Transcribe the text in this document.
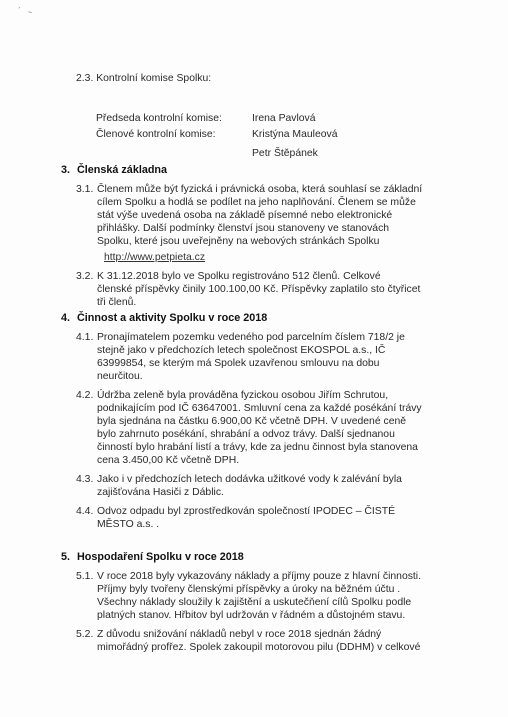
´ ·̵
2.3. Kontrolní komise Spolku:
Předseda kontrolní komise:	Irena Pavlová
Členové kontrolní komise:	Kristýna Mauleová
Petr Štěpánek
3. Členská základna
3.1. Členem může být fyzická i právnická osoba, která souhlasí se základní
cílem Spolku a hodlá se podílet na jeho naplňování. Členem se může
stát výše uvedená osoba na základě písemné nebo elektronické
přihlášky. Další podmínky členství jsou stanoveny ve stanovách
Spolku, které jsou uveřejněny na webových stránkách Spolku
http://www.petpieta.cz
3.2. K 31.12.2018 bylo ve Spolku registrováno 512 členů. Celkové
členské příspěvky činily 100.100,00 Kč. Příspěvky zaplatilo sto čtyřicet
tři členů.
4. Činnost a aktivity Spolku v roce 2018
4.1. Pronajímatelem pozemku vedeného pod parcelním číslem 718/2 je
stejně jako v předchozích letech společnost EKOSPOL a.s., IČ
63999854, se kterým má Spolek uzavřenou smlouvu na dobu
neurčitou.
4.2. Údržba zeleně byla prováděna fyzickou osobou Jiřím Schrutou,
podnikajícím pod IČ 63647001. Smluvní cena za každé posékání trávy
byla sjednána na částku 6.900,00 Kč včetně DPH. V uvedené ceně
bylo zahrnuto posékání, shrabání a odvoz trávy. Další sjednanou
činností bylo hrabání listí a trávy, kde za jednu činnost byla stanovena
cena 3.450,00 Kč včetně DPH.
4.3. Jako i v předchozích letech dodávka užitkové vody k zalévání byla
zajišťována Hasiči z Dáblic.
4.4. Odvoz odpadu byl zprostředkován společností IPODEC – ČISTÉ
MĚSTO a.s. .
5. Hospodaření Spolku v roce 2018
5.1. V roce 2018 byly vykazovány náklady a příjmy pouze z hlavní činnosti.
Příjmy byly tvořeny členskými příspěvky a úroky na běžném účtu .
Všechny náklady sloužily k zajištění a uskutečňení cílů Spolku podle
platných stanov. Hřbitov byl udržován v řádném a důstojném stavu.
5.2. Z důvodu snižování nákladů nebyl v roce 2018 sjednán žádný
mimořádný profřez. Spolek zakoupil motorovou pilu (DDHM) v celkové
